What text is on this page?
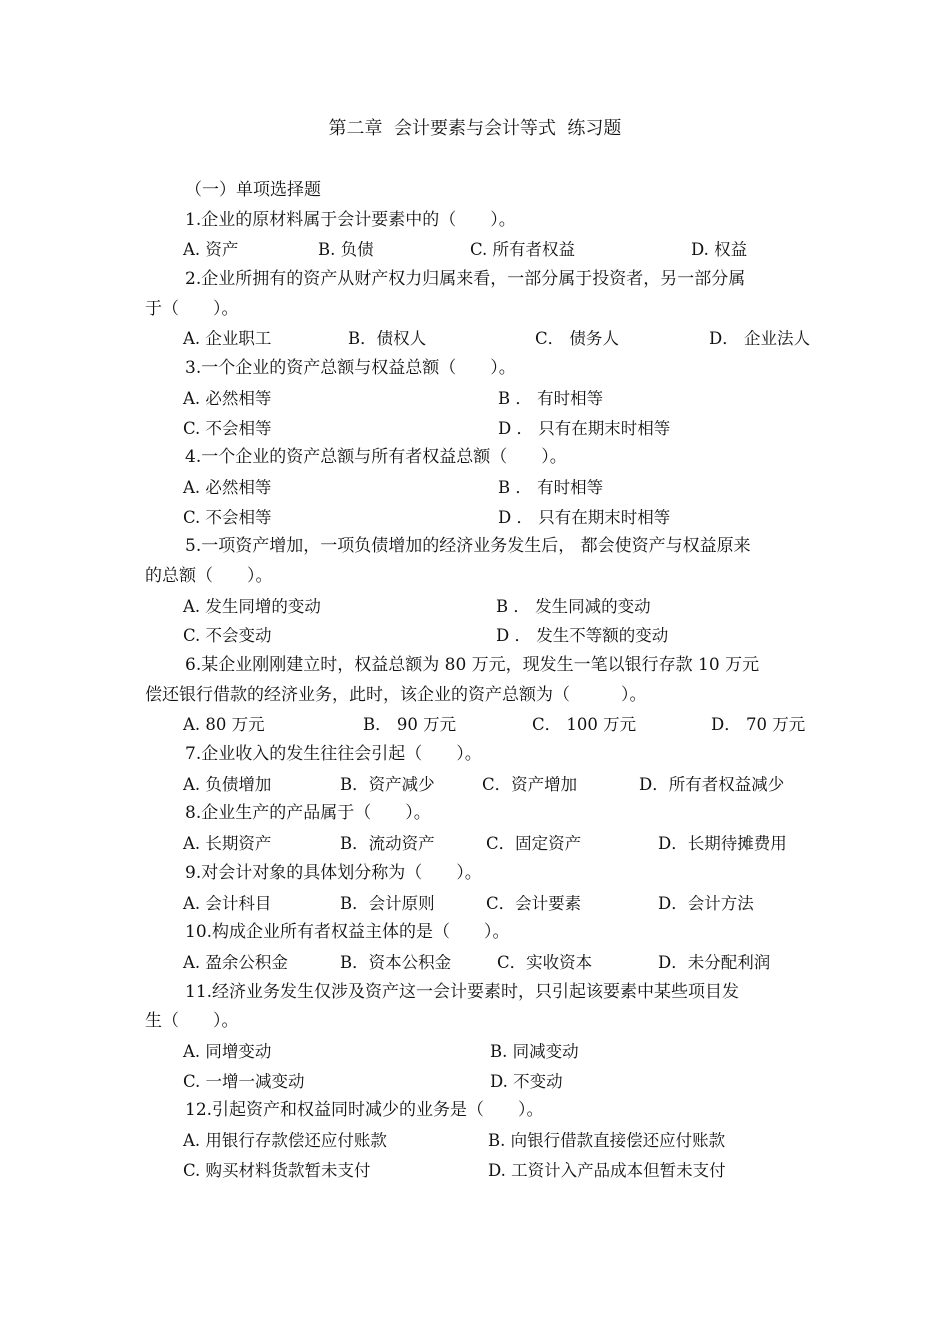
第二章  会计要素与会计等式  练习题
（一）单项选择题
1.企业的原材料属于会计要素中的（　　）。
A. 资产	B. 负债	C. 所有者权益	D. 权益
2.企业所拥有的资产从财产权力归属来看，一部分属于投资者，另一部分属
于（　　）。
A. 企业职工	B．债权人	C． 债务人	D． 企业法人
3.一个企业的资产总额与权益总额（　　）。
A. 必然相等	B ． 有时相等
C. 不会相等	D ． 只有在期末时相等
4.一个企业的资产总额与所有者权益总额（　　）。
A. 必然相等	B ． 有时相等
C. 不会相等	D ． 只有在期末时相等
5.一项资产增加，一项负债增加的经济业务发生后， 都会使资产与权益原来
的总额（　　）。
A. 发生同增的变动	B ． 发生同减的变动
C. 不会变动	D ． 发生不等额的变动
6.某企业刚刚建立时，权益总额为 80 万元，现发生一笔以银行存款 10 万元
偿还银行借款的经济业务，此时，该企业的资产总额为（　　　）。
A. 80 万元	B． 90 万元	C． 100 万元	D． 70 万元
7.企业收入的发生往往会引起（　　）。
A. 负债增加	B．资产减少	C．资产增加	D．所有者权益减少
8.企业生产的产品属于（　　）。
A. 长期资产	B．流动资产	C．固定资产	D．长期待摊费用
9.对会计对象的具体划分称为（　　）。
A. 会计科目	B．会计原则	C．会计要素	D．会计方法
10.构成企业所有者权益主体的是（　　）。
A. 盈余公积金	B．资本公积金	C．实收资本	D．未分配利润
11.经济业务发生仅涉及资产这一会计要素时，只引起该要素中某些项目发
生（　　）。
A. 同增变动	B. 同减变动
C. 一增一减变动	D. 不变动
12.引起资产和权益同时减少的业务是（　　）。
A. 用银行存款偿还应付账款	B. 向银行借款直接偿还应付账款
C. 购买材料货款暂未支付	D. 工资计入产品成本但暂未支付
